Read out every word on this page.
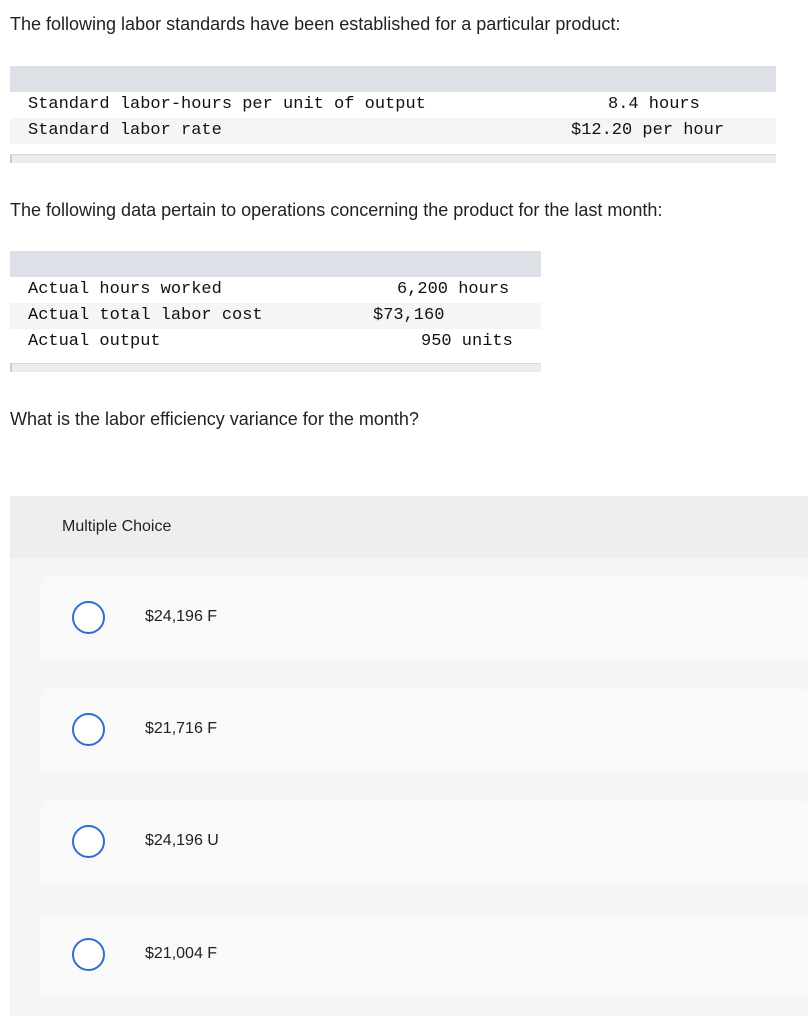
The following labor standards have been established for a particular product:

Standard labor-hours per unit of output	8.4 hours
Standard labor rate	$12.20 per hour

The following data pertain to operations concerning the product for the last month:

Actual hours worked	6,200 hours
Actual total labor cost	$73,160
Actual output	950 units

What is the labor efficiency variance for the month?

Multiple Choice
$24,196 F
$21,716 F
$24,196 U
$21,004 F
